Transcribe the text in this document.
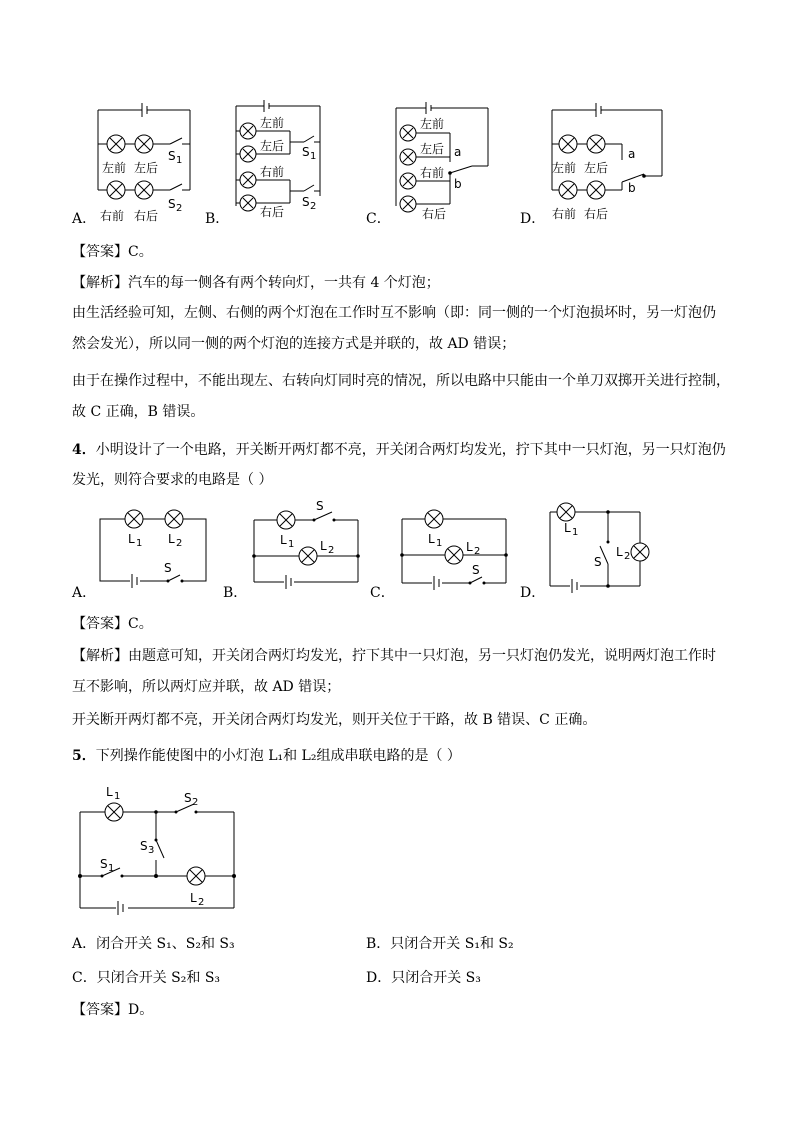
A．
左前 左后
S 1
S 2
右前 右后	B．
左前
左后
右前
右后
S 1
S 2
C．
a
b
左前
左后
右前
右后	D．
a
b
左前 左后
右前 右后
【答案】C。
【解析】汽车的每一侧各有两个转向灯，一共有 4 个灯泡；
由生活经验可知，左侧、右侧的两个灯泡在工作时互不影响（即：同一侧的一个灯泡损坏时，另一灯泡仍
然会发光），所以同一侧的两个灯泡的连接方式是并联的，故 AD 错误；
由于在操作过程中，不能出现左、右转向灯同时亮的情况，所以电路中只能由一个单刀双掷开关进行控制，
故 C 正确，B 错误。
4．小明设计了一个电路，开关断开两灯都不亮，开关闭合两灯均发光，拧下其中一只灯泡，另一只灯泡仍
发光，则符合要求的电路是（ ）
A．
L 1 L 2
S
B．
S
L 1 L 2
C．
L 1 L 2
S
D．
L 1
S
L 2
【答案】C。
【解析】由题意可知，开关闭合两灯均发光，拧下其中一只灯泡，另一只灯泡仍发光，说明两灯泡工作时
互不影响，所以两灯应并联，故 AD 错误；
开关断开两灯都不亮，开关闭合两灯均发光，则开关位于干路，故 B 错误、C 正确。
5．下列操作能使图中的小灯泡 L₁和 L₂组成串联电路的是（ ）
L 1	S 2
S 3
S 1
L 2
A．闭合开关 S₁、S₂和 S₃	B．只闭合开关 S₁和 S₂
C．只闭合开关 S₂和 S₃	D．只闭合开关 S₃
【答案】D。
